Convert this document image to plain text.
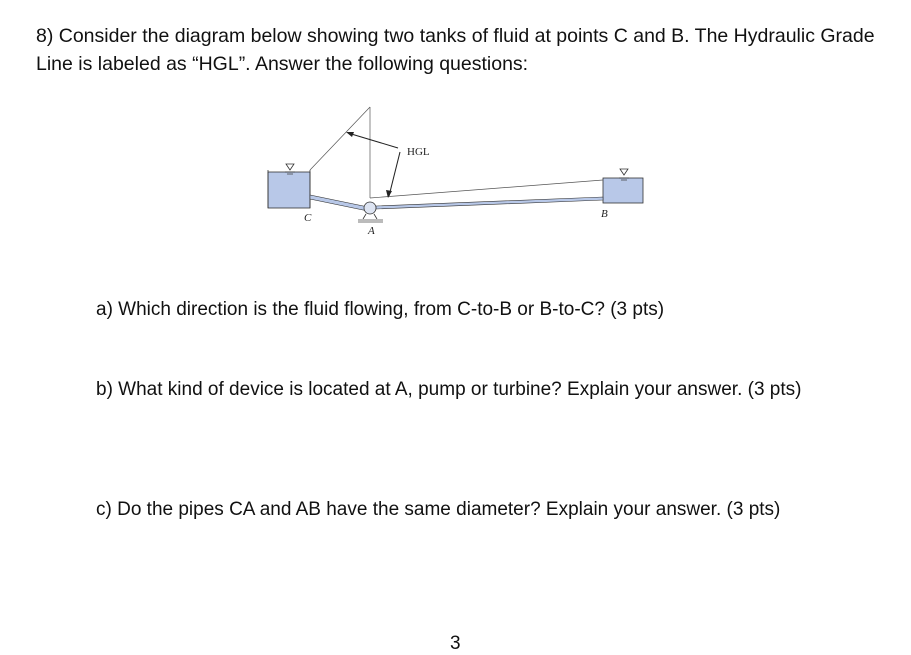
8) Consider the diagram below showing two tanks of fluid at points C and B. The Hydraulic Grade Line is labeled as “HGL”. Answer the following questions:
HGL
C
A
B
a) Which direction is the fluid flowing, from C-to-B or B-to-C? (3 pts)
b) What kind of device is located at A, pump or turbine? Explain your answer. (3 pts)
c) Do the pipes CA and AB have the same diameter? Explain your answer. (3 pts)
3
